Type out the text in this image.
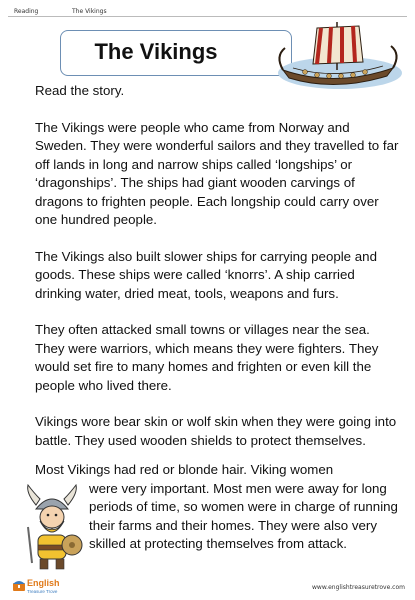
Reading	The Vikings
The Vikings

Read the story.

The Vikings were people who came from Norway and Sweden. They were wonderful sailors and they travelled to far off lands in long and narrow ships called ‘longships’ or ‘dragonships’. The ships had giant wooden carvings of dragons to frighten people. Each longship could carry over one hundred people.

The Vikings also built slower ships for carrying people and goods. These ships were called ‘knorrs’. A ship carried drinking water, dried meat, tools, weapons and furs.

They often attacked small towns or villages near the sea. They were warriors, which means they were fighters. They would set fire to many homes and frighten or even kill the people who lived there.

Vikings wore bear skin or wolf skin when they were going into battle. They used wooden shields to protect themselves.

Most Vikings had red or blonde hair. Viking women
were very important. Most men were away for long periods of time, so women were in charge of running their farms and their homes. They were also very skilled at protecting themselves from attack.
English
Treasure Trove
www.englishtreasuretrove.com
